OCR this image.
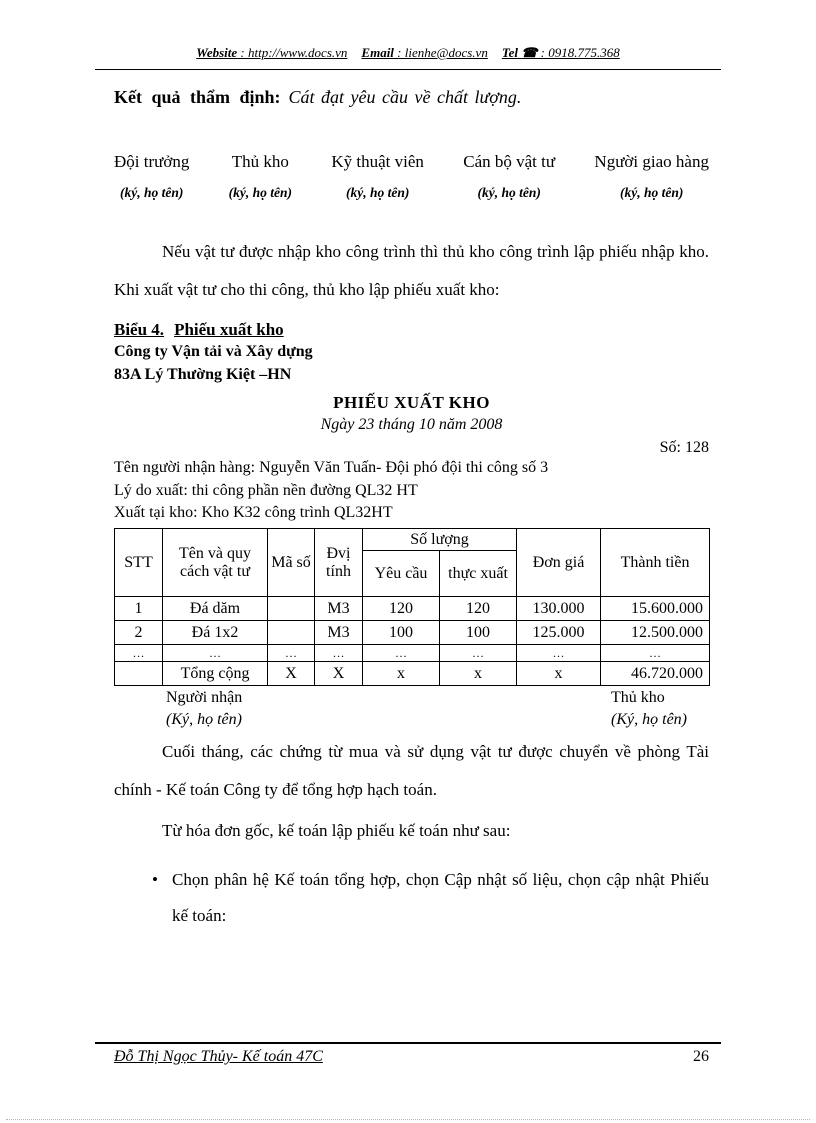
Website : http://www.docs.vn Email : lienhe@docs.vn Tel ☎ : 0918.775.368
Kết quả thẩm định: Cát đạt yêu cầu về chất lượng.
Đội trưởng
(ký, họ tên)
Thủ kho
(ký, họ tên)
Kỹ thuật viên
(ký, họ tên)
Cán bộ vật tư
(ký, họ tên)
Người giao hàng
(ký, họ tên)

Nếu vật tư được nhập kho công trình thì thủ kho công trình lập phiếu nhập kho. Khi xuất vật tư cho thi công, thủ kho lập phiếu xuất kho:

Biểu 4. Phiếu xuất kho
Công ty Vận tải và Xây dựng
83A Lý Thường Kiệt –HN
PHIẾU XUẤT KHO
Ngày 23 tháng 10 năm 2008
Số: 128
Tên người nhận hàng: Nguyễn Văn Tuấn- Đội phó đội thi công số 3
Lý do xuất: thi công phần nền đường QL32 HT
Xuất tại kho: Kho K32 công trình QL32HT
STT	Tên và quy cách vật tư	Mã số	Đvị tính	Số lượng		Đơn giá	Thành tiền
				Yêu cầu	thực xuất		
1	Đá dăm		M3	120	120	130.000	15.600.000
2	Đá 1x2		M3	100	100	125.000	12.500.000
…	…	…	…	…	…	…	…
	Tổng cộng	X	X	x	x	x	46.720.000
Người nhận
(Ký, họ tên)
Thủ kho
(Ký, họ tên)

Cuối tháng, các chứng từ mua và sử dụng vật tư được chuyển về phòng Tài chính - Kế toán Công ty để tổng hợp hạch toán.

Từ hóa đơn gốc, kế toán lập phiếu kế toán như sau:

• Chọn phân hệ Kế toán tổng hợp, chọn Cập nhật số liệu, chọn cập nhật Phiếu kế toán:
Đỗ Thị Ngọc Thủy- Kế toán 47C	26
